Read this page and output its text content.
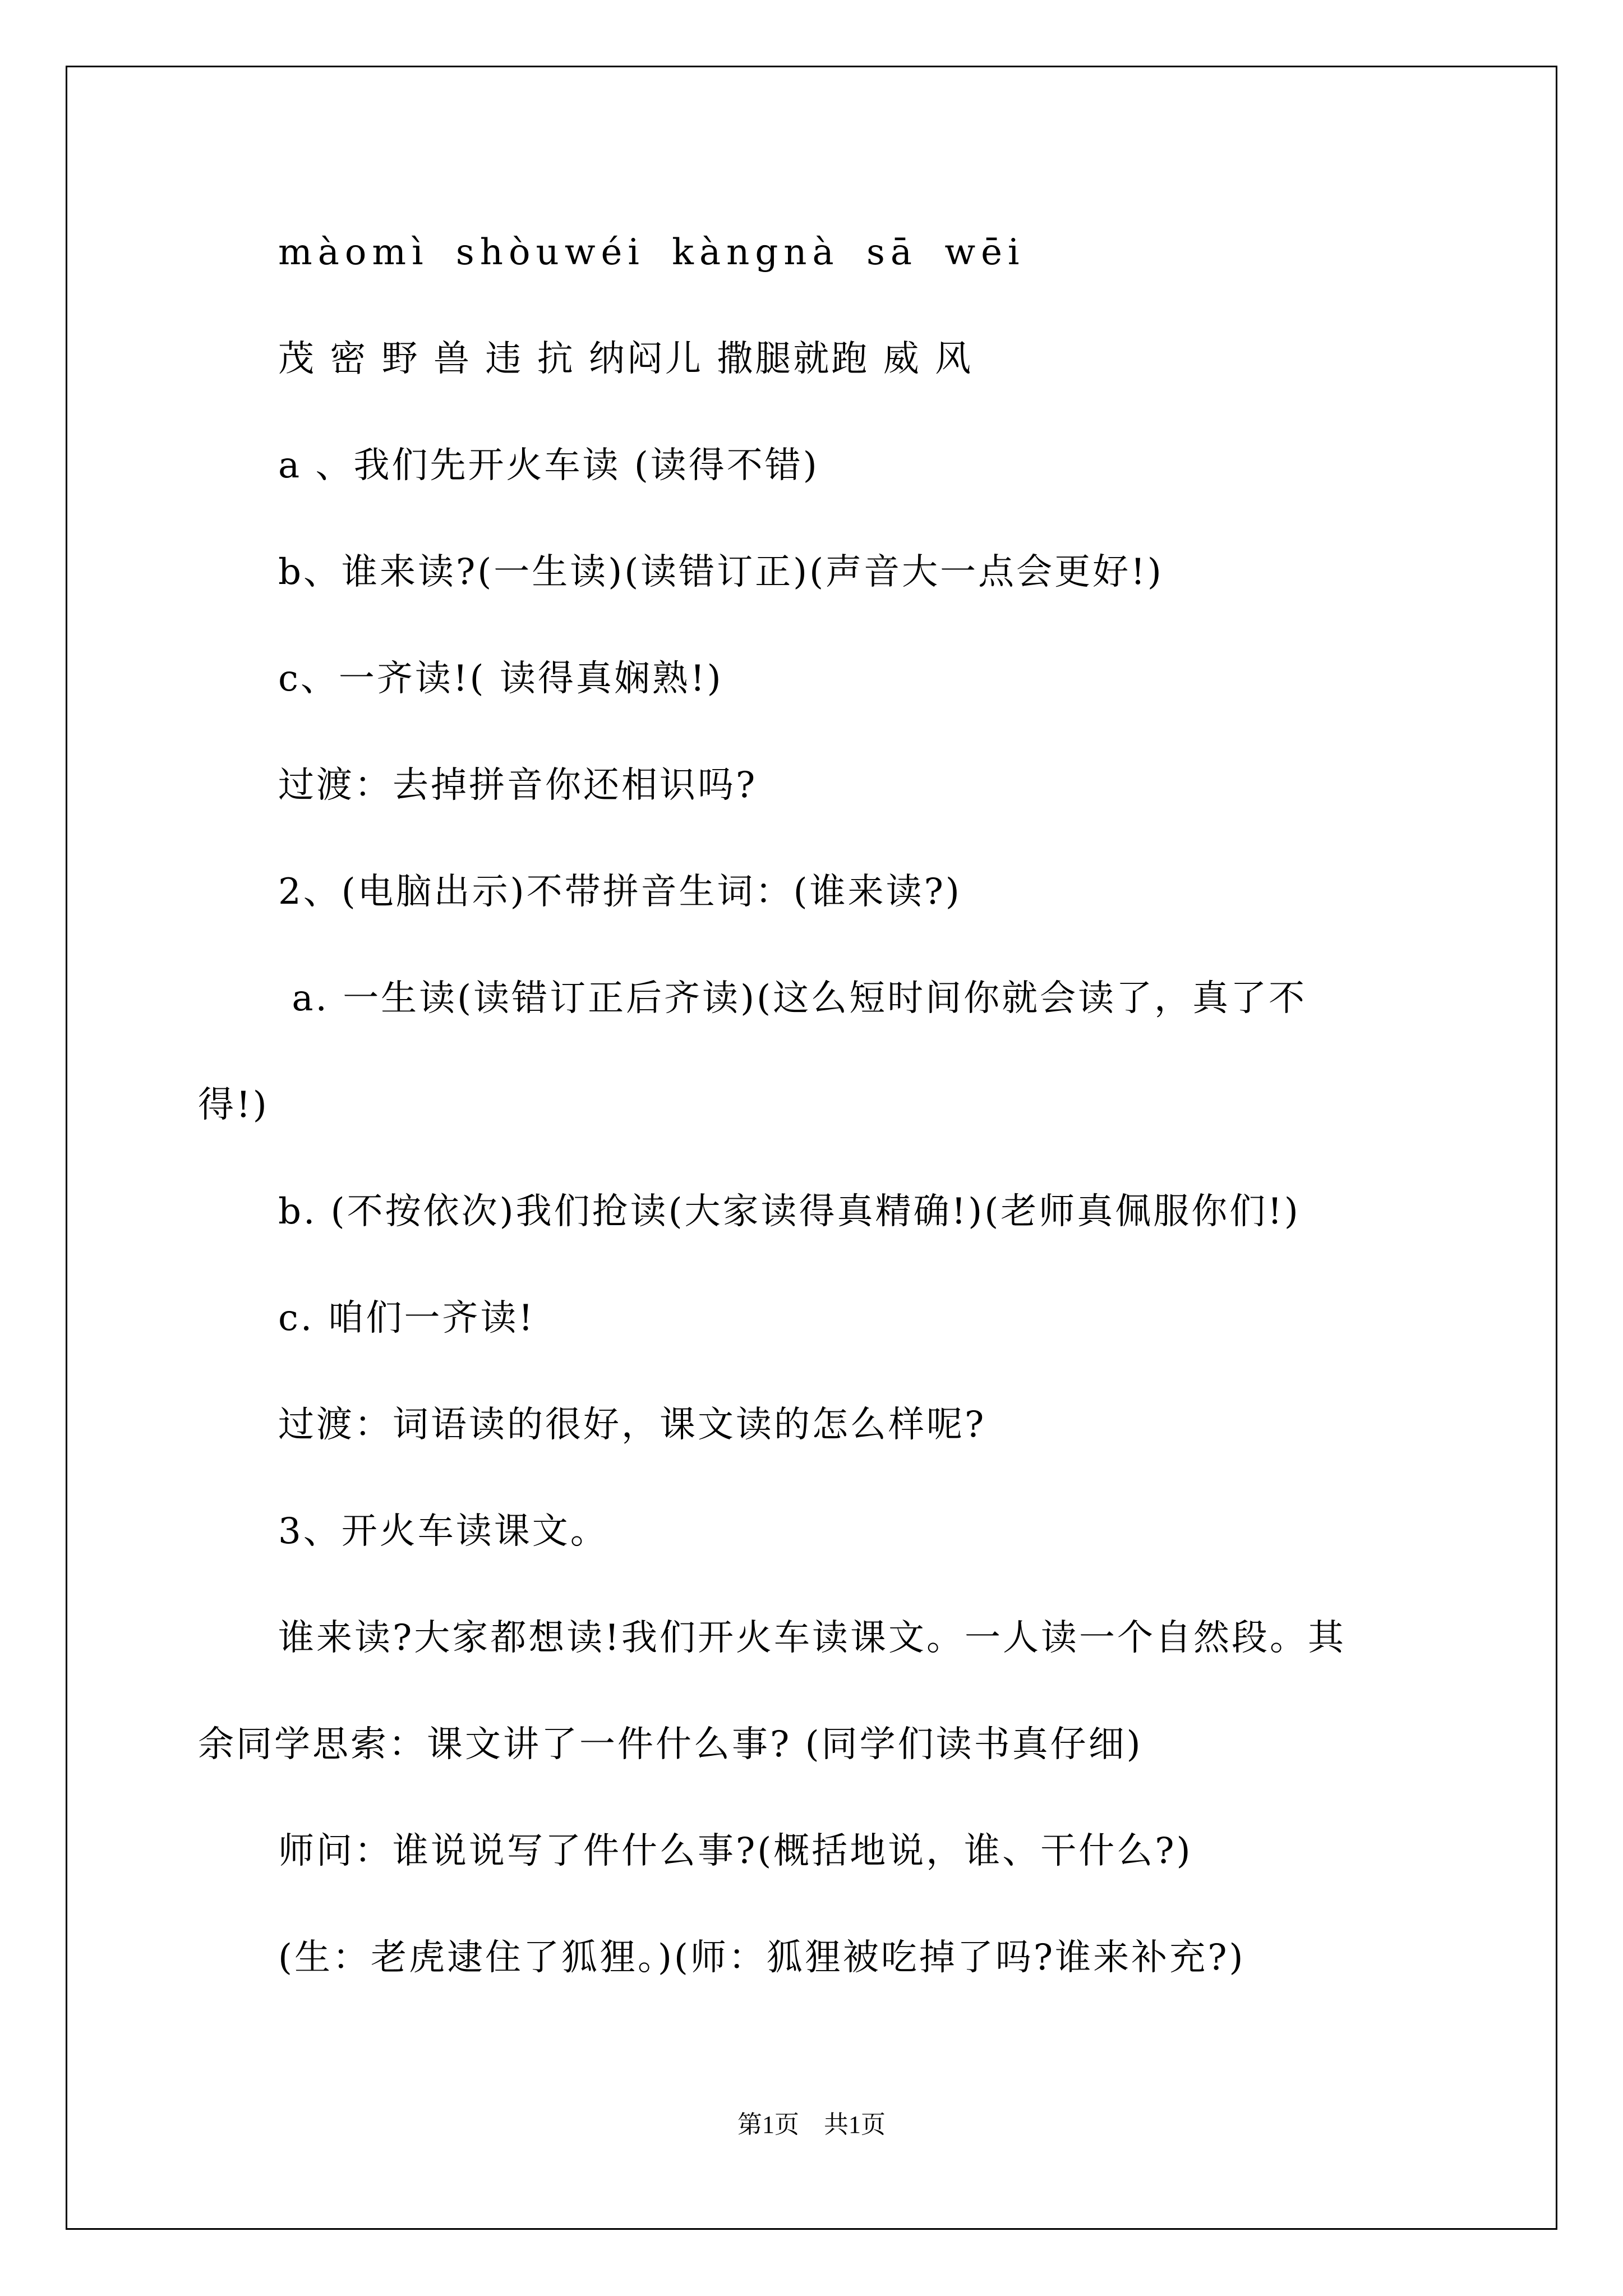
màomì shòuwéi kàngnà sā wēi
茂 密 野 兽 违 抗 纳闷儿 撒腿就跑 威 风
a 、我们先开火车读 (读得不错)
b、谁来读?(一生读)(读错订正)(声音大一点会更好!)
c、一齐读!( 读得真娴熟!)
过渡：去掉拼音你还相识吗?
2、(电脑出示)不带拼音生词：(谁来读?)
a. 一生读(读错订正后齐读)(这么短时间你就会读了，真了不
得!)
b. (不按依次)我们抢读(大家读得真精确!)(老师真佩服你们!)
c. 咱们一齐读!
过渡：词语读的很好，课文读的怎么样呢?
3、开火车读课文。
谁来读?大家都想读!我们开火车读课文。一人读一个自然段。其
余同学思索：课文讲了一件什么事? (同学们读书真仔细)
师问：谁说说写了件什么事?(概括地说，谁、干什么?)
(生：老虎逮住了狐狸。)(师：狐狸被吃掉了吗?谁来补充?)
第1页　共1页
